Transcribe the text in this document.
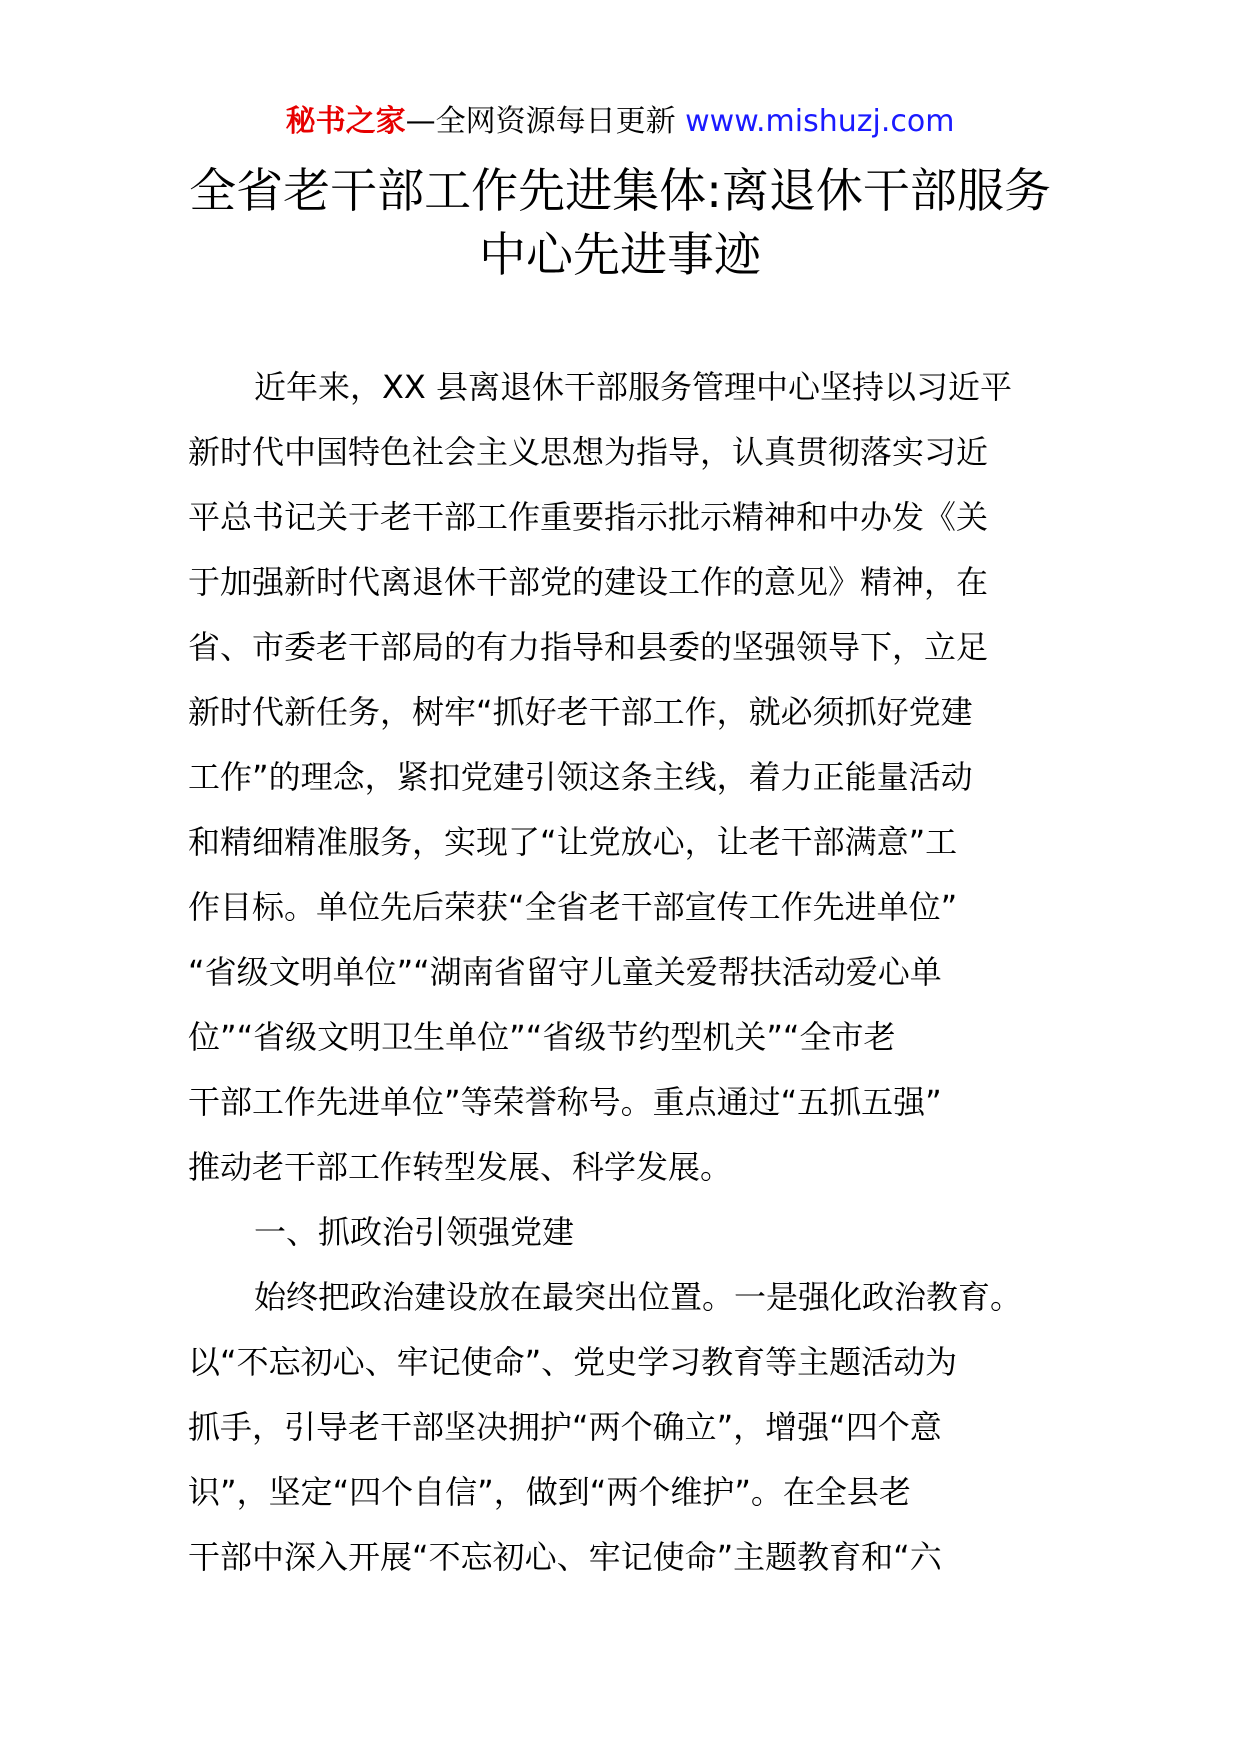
秘书之家—全网资源每日更新 www.mishuzj.com
全省老干部工作先进集体:离退休干部服务
中心先进事迹
近年来，XX 县离退休干部服务管理中心坚持以习近平
新时代中国特色社会主义思想为指导，认真贯彻落实习近
平总书记关于老干部工作重要指示批示精神和中办发《关
于加强新时代离退休干部党的建设工作的意见》精神，在
省、市委老干部局的有力指导和县委的坚强领导下，立足
新时代新任务，树牢“抓好老干部工作，就必须抓好党建
工作”的理念，紧扣党建引领这条主线，着力正能量活动
和精细精准服务，实现了“让党放心，让老干部满意”工
作目标。单位先后荣获“全省老干部宣传工作先进单位”
“省级文明单位”“湖南省留守儿童关爱帮扶活动爱心单
位”“省级文明卫生单位”“省级节约型机关”“全市老
干部工作先进单位”等荣誉称号。重点通过“五抓五强”
推动老干部工作转型发展、科学发展。
一、抓政治引领强党建
始终把政治建设放在最突出位置。一是强化政治教育。
以“不忘初心、牢记使命”、党史学习教育等主题活动为
抓手，引导老干部坚决拥护“两个确立”，增强“四个意
识”，坚定“四个自信”，做到“两个维护”。在全县老
干部中深入开展“不忘初心、牢记使命”主题教育和“六
